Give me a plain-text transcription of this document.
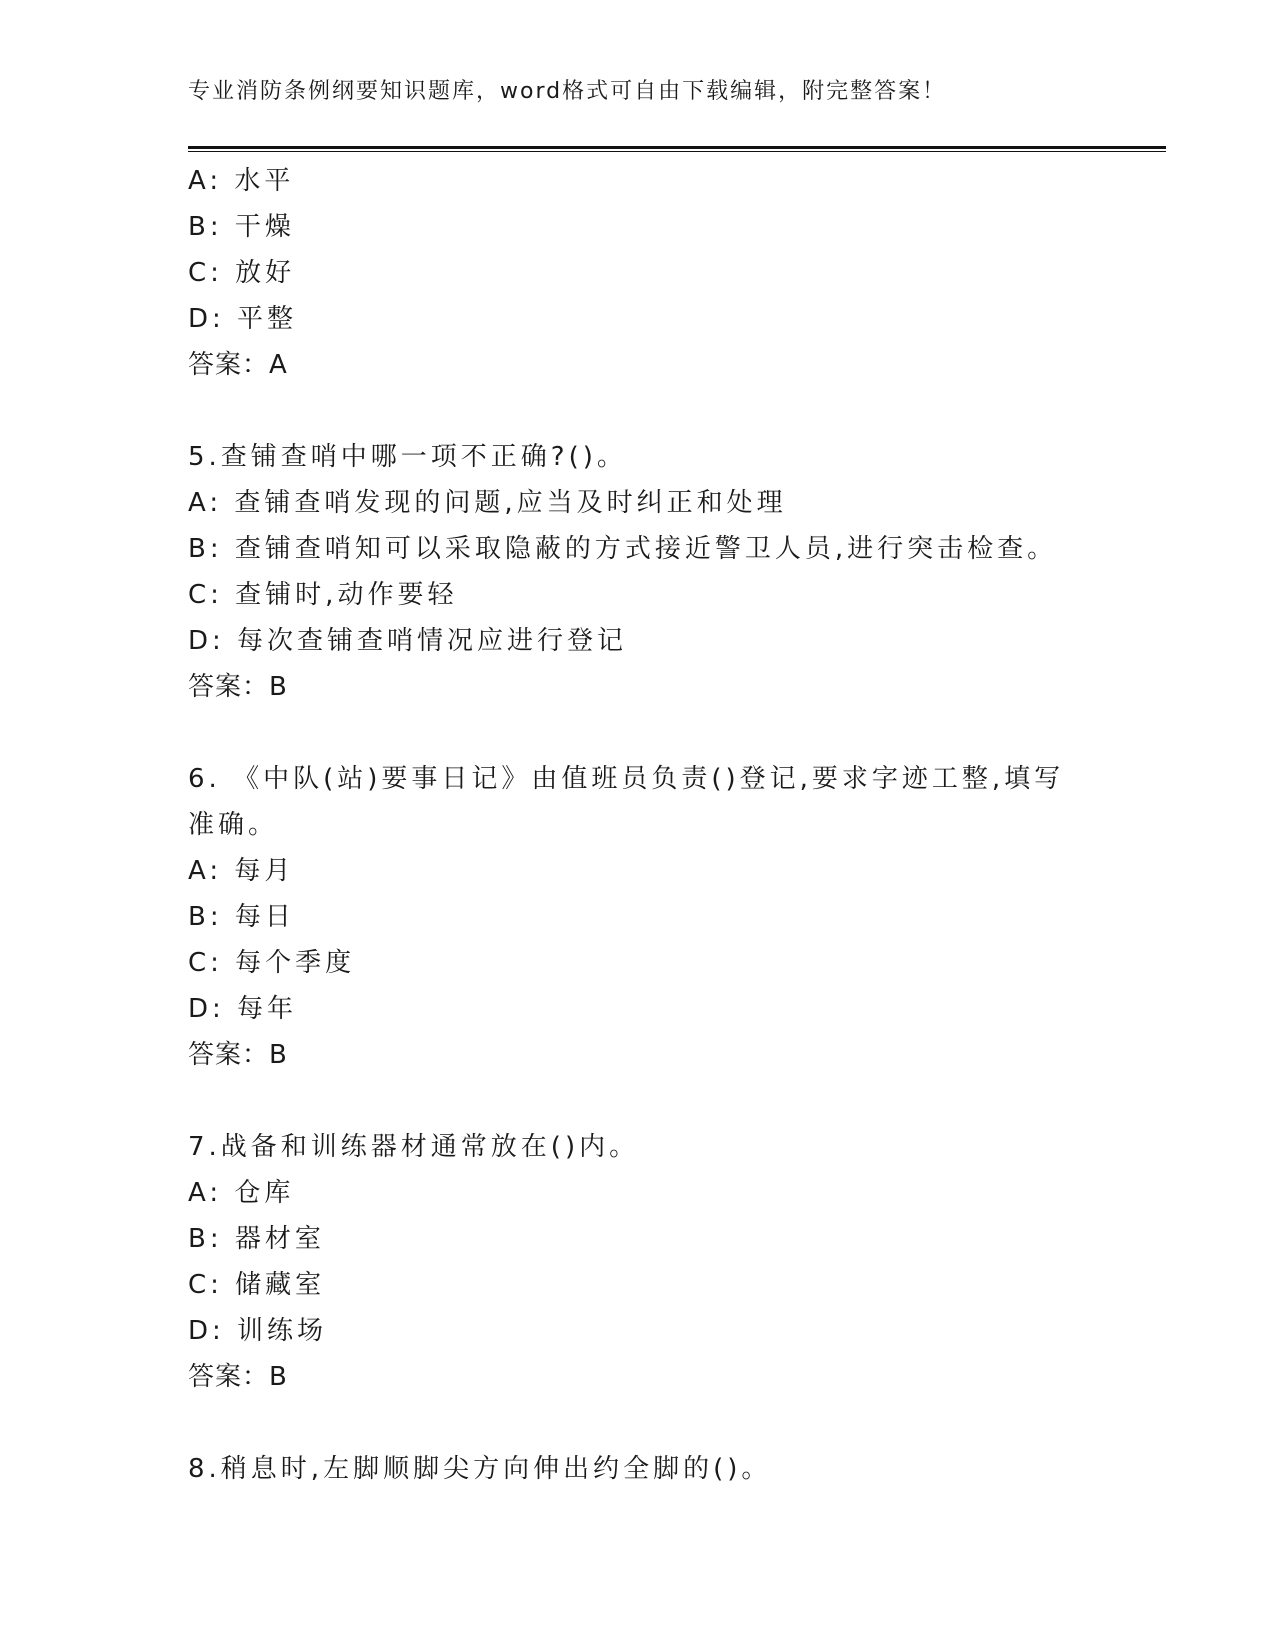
专业消防条例纲要知识题库，word格式可自由下载编辑，附完整答案！
A: 水平
B: 干燥
C: 放好
D: 平整
答案：A
5.查铺查哨中哪一项不正确?()。
A: 查铺查哨发现的问题,应当及时纠正和处理
B: 查铺查哨知可以采取隐蔽的方式接近警卫人员,进行突击检查。
C: 查铺时,动作要轻
D: 每次查铺查哨情况应进行登记
答案：B
6. 《中队(站)要事日记》由值班员负责()登记,要求字迹工整,填写准确。
A: 每月
B: 每日
C: 每个季度
D: 每年
答案：B
7.战备和训练器材通常放在()内。
A: 仓库
B: 器材室
C: 储藏室
D: 训练场
答案：B
8.稍息时,左脚顺脚尖方向伸出约全脚的()。
